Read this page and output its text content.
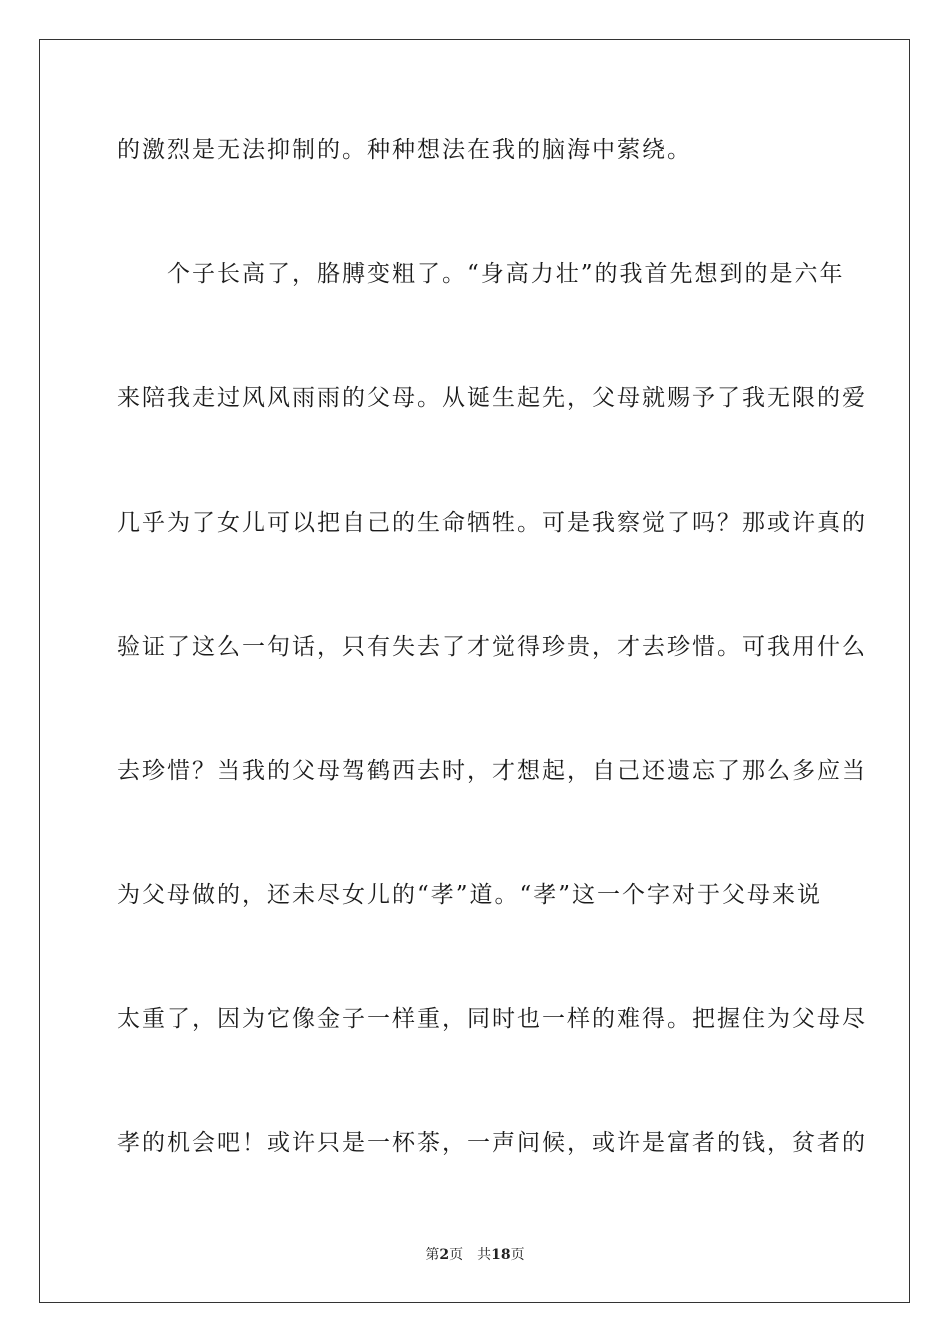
的激烈是无法抑制的。种种想法在我的脑海中萦绕。
　　个子长高了，胳膊变粗了。“身高力壮”的我首先想到的是六年
来陪我走过风风雨雨的父母。从诞生起先，父母就赐予了我无限的爱
几乎为了女儿可以把自己的生命牺牲。可是我察觉了吗？那或许真的
验证了这么一句话，只有失去了才觉得珍贵，才去珍惜。可我用什么
去珍惜？当我的父母驾鹤西去时，才想起，自己还遗忘了那么多应当
为父母做的，还未尽女儿的“孝”道。“孝”这一个字对于父母来说
太重了，因为它像金子一样重，同时也一样的难得。把握住为父母尽
孝的机会吧！或许只是一杯茶，一声问候，或许是富者的钱，贫者的
第2页 共18页
